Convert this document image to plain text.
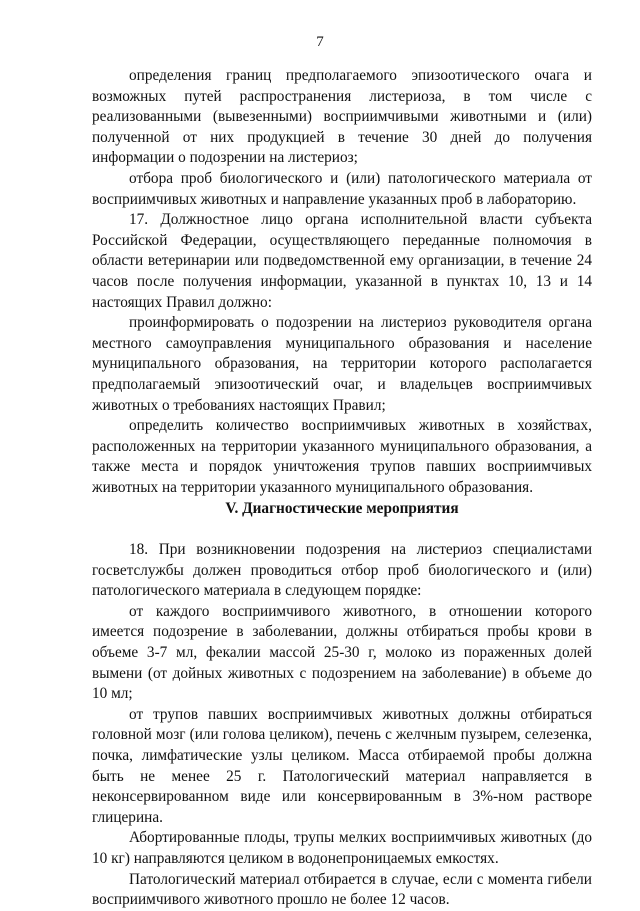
7

определения границ предполагаемого эпизоотического очага и возможных путей распространения листериоза, в том числе с реализованными (вывезенными) восприимчивыми животными и (или) полученной от них продукцией в течение 30 дней до получения информации о подозрении на листериоз;

отбора проб биологического и (или) патологического материала от восприимчивых животных и направление указанных проб в лабораторию.

17. Должностное лицо органа исполнительной власти субъекта Российской Федерации, осуществляющего переданные полномочия в области ветеринарии или подведомственной ему организации, в течение 24 часов после получения информации, указанной в пунктах 10, 13 и 14 настоящих Правил должно:

проинформировать о подозрении на листериоз руководителя органа местного самоуправления муниципального образования и население муниципального образования, на территории которого располагается предполагаемый эпизоотический очаг, и владельцев восприимчивых животных о требованиях настоящих Правил;

определить количество восприимчивых животных в хозяйствах, расположенных на территории указанного муниципального образования, а также места и порядок уничтожения трупов павших восприимчивых животных на территории указанного муниципального образования.

V. Диагностические мероприятия

18. При возникновении подозрения на листериоз специалистами госветслужбы должен проводиться отбор проб биологического и (или) патологического материала в следующем порядке:

от каждого восприимчивого животного, в отношении которого имеется подозрение в заболевании, должны отбираться пробы крови в объеме 3-7 мл, фекалии массой 25-30 г, молоко из пораженных долей вымени (от дойных животных с подозрением на заболевание) в объеме до 10 мл;

от трупов павших восприимчивых животных должны отбираться головной мозг (или голова целиком), печень с желчным пузырем, селезенка, почка, лимфатические узлы целиком. Масса отбираемой пробы должна быть не менее 25 г. Патологический материал направляется в неконсервированном виде или консервированным в 3%-ном растворе глицерина.

Абортированные плоды, трупы мелких восприимчивых животных (до 10 кг) направляются целиком в водонепроницаемых емкостях.

Патологический материал отбирается в случае, если с момента гибели восприимчивого животного прошло не более 12 часов.
